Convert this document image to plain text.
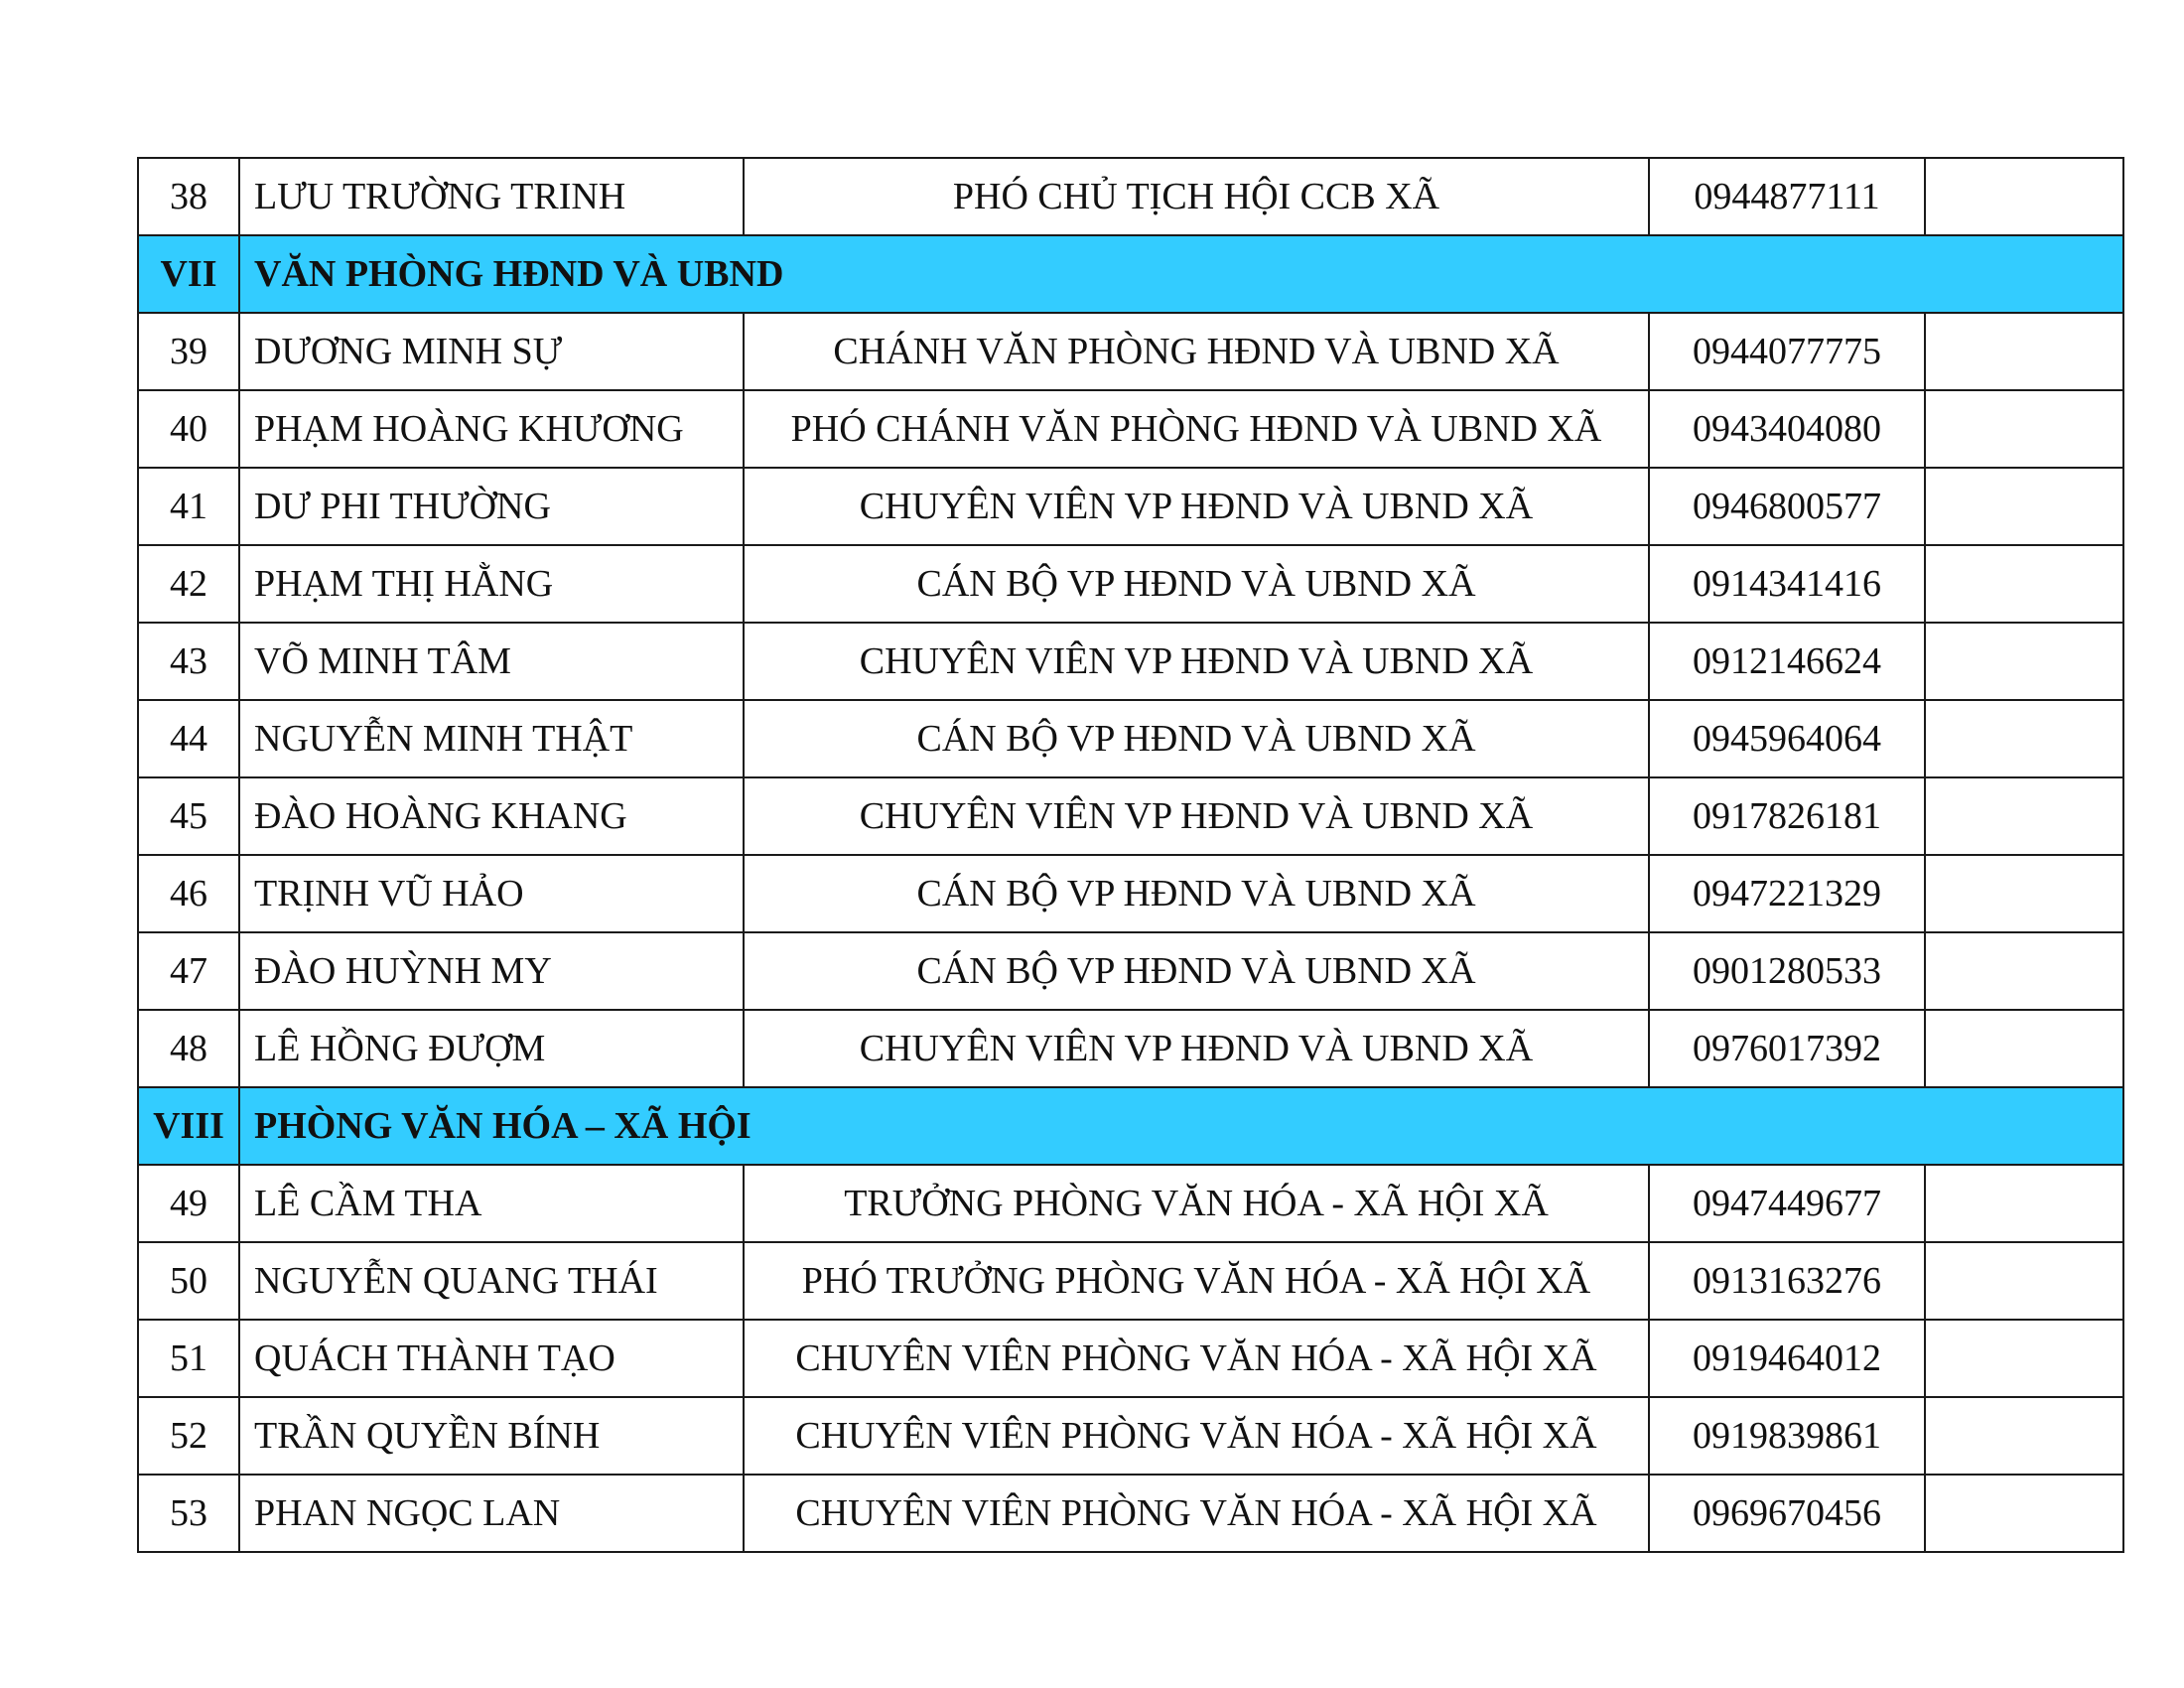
38	LƯU TRƯỜNG TRINH	PHÓ CHỦ TỊCH HỘI CCB XÃ	0944877111	
VII	VĂN PHÒNG HĐND VÀ UBND			
39	DƯƠNG MINH SỰ	CHÁNH VĂN PHÒNG HĐND VÀ UBND XÃ	0944077775	
40	PHẠM HOÀNG KHƯƠNG	PHÓ CHÁNH VĂN PHÒNG HĐND VÀ UBND XÃ	0943404080	
41	DƯ PHI THƯỜNG	CHUYÊN VIÊN VP HĐND VÀ UBND XÃ	0946800577	
42	PHẠM THỊ HẰNG	CÁN BỘ VP HĐND VÀ UBND XÃ	0914341416	
43	VÕ MINH TÂM	CHUYÊN VIÊN VP HĐND VÀ UBND XÃ	0912146624	
44	NGUYỄN MINH THẬT	CÁN BỘ VP HĐND VÀ UBND XÃ	0945964064	
45	ĐÀO HOÀNG KHANG	CHUYÊN VIÊN VP HĐND VÀ UBND XÃ	0917826181	
46	TRỊNH VŨ HẢO	CÁN BỘ VP HĐND VÀ UBND XÃ	0947221329	
47	ĐÀO HUỲNH MY	CÁN BỘ VP HĐND VÀ UBND XÃ	0901280533	
48	LÊ HỒNG ĐƯỢM	CHUYÊN VIÊN VP HĐND VÀ UBND XÃ	0976017392	
VIII	PHÒNG VĂN HÓA – XÃ HỘI			
49	LÊ CẦM THA	TRƯỞNG PHÒNG VĂN HÓA - XÃ HỘI XÃ	0947449677	
50	NGUYỄN QUANG THÁI	PHÓ TRƯỞNG PHÒNG VĂN HÓA - XÃ HỘI XÃ	0913163276	
51	QUÁCH THÀNH TẠO	CHUYÊN VIÊN PHÒNG VĂN HÓA - XÃ HỘI XÃ	0919464012	
52	TRẦN QUYỀN BÍNH	CHUYÊN VIÊN PHÒNG VĂN HÓA - XÃ HỘI XÃ	0919839861	
53	PHAN NGỌC LAN	CHUYÊN VIÊN PHÒNG VĂN HÓA - XÃ HỘI XÃ	0969670456	
